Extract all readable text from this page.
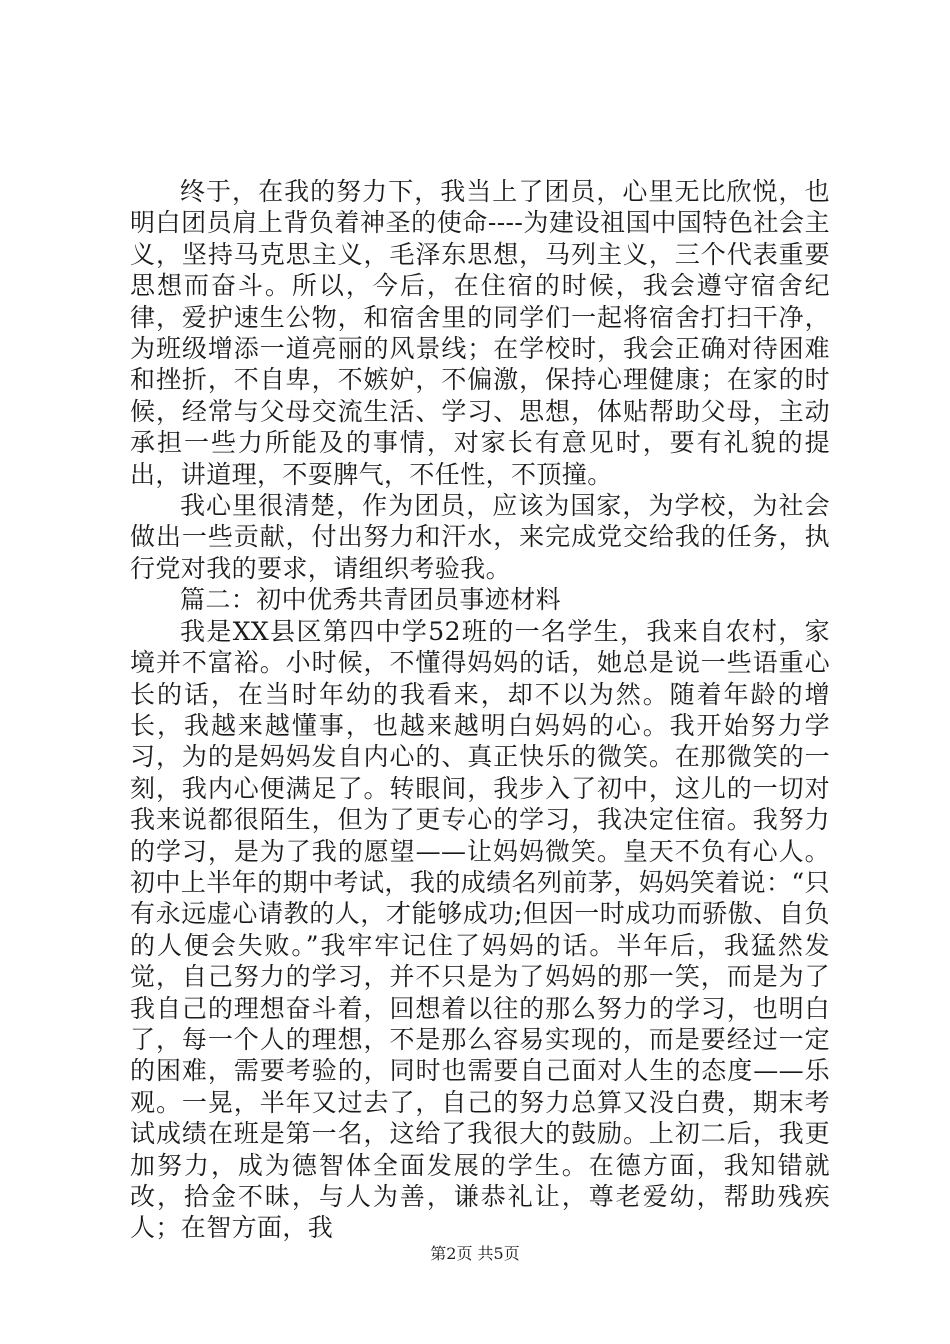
终于，在我的努力下，我当上了团员，心里无比欣悦，也明白团员肩上背负着神圣的使命----为建设祖国中国特色社会主义，坚持马克思主义，毛泽东思想，马列主义，三个代表重要思想而奋斗。所以，今后，在住宿的时候，我会遵守宿舍纪律，爱护速生公物，和宿舍里的同学们一起将宿舍打扫干净，为班级增添一道亮丽的风景线；在学校时，我会正确对待困难和挫折，不自卑，不嫉妒，不偏激，保持心理健康；在家的时候，经常与父母交流生活、学习、思想，体贴帮助父母，主动承担一些力所能及的事情，对家长有意见时，要有礼貌的提出，讲道理，不耍脾气，不任性，不顶撞。

我心里很清楚，作为团员，应该为国家，为学校，为社会做出一些贡献，付出努力和汗水，来完成党交给我的任务，执行党对我的要求，请组织考验我。

篇二：初中优秀共青团员事迹材料

我是XX县区第四中学52班的一名学生，我来自农村，家境并不富裕。小时候，不懂得妈妈的话，她总是说一些语重心长的话，在当时年幼的我看来，却不以为然。随着年龄的增长，我越来越懂事，也越来越明白妈妈的心。我开始努力学习，为的是妈妈发自内心的、真正快乐的微笑。在那微笑的一刻，我内心便满足了。转眼间，我步入了初中，这儿的一切对我来说都很陌生，但为了更专心的学习，我决定住宿。我努力的学习，是为了我的愿望——让妈妈微笑。皇天不负有心人。初中上半年的期中考试，我的成绩名列前茅，妈妈笑着说：“只有永远虚心请教的人，才能够成功;但因一时成功而骄傲、自负的人便会失败。”我牢牢记住了妈妈的话。半年后，我猛然发觉，自己努力的学习，并不只是为了妈妈的那一笑，而是为了我自己的理想奋斗着，回想着以往的那么努力的学习，也明白了，每一个人的理想，不是那么容易实现的，而是要经过一定的困难，需要考验的，同时也需要自己面对人生的态度——乐观。一晃，半年又过去了，自己的努力总算又没白费，期末考试成绩在班是第一名，这给了我很大的鼓励。上初二后，我更加努力，成为德智体全面发展的学生。在德方面，我知错就改，拾金不昧，与人为善，谦恭礼让，尊老爱幼，帮助残疾人；在智方面，我

第2页 共5页
